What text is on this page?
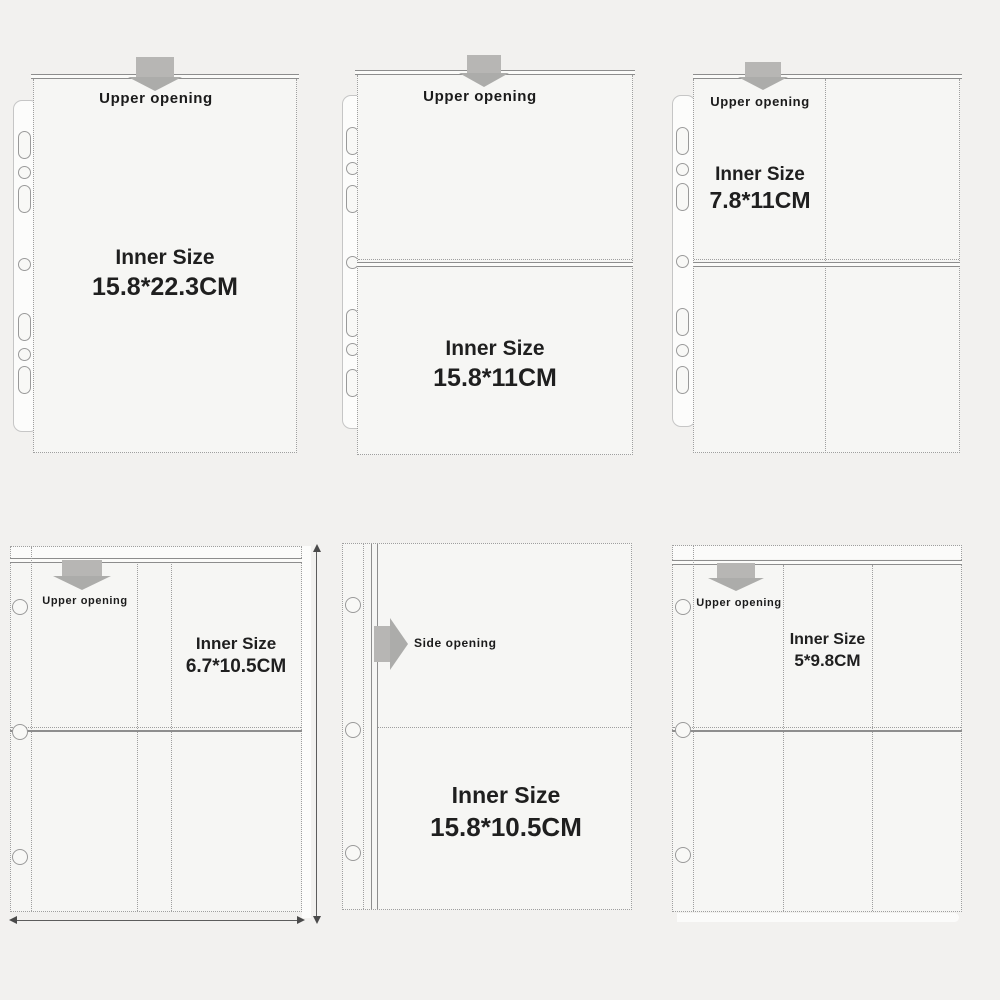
Upper opening
Inner Size
15.8*22.3CM
Upper opening
Inner Size
15.8*11CM
Upper opening
Inner Size
7.8*11CM
Upper opening
Inner Size
6.7*10.5CM
Side opening
Inner Size
15.8*10.5CM
Upper opening
Inner Size
5*9.8CM
